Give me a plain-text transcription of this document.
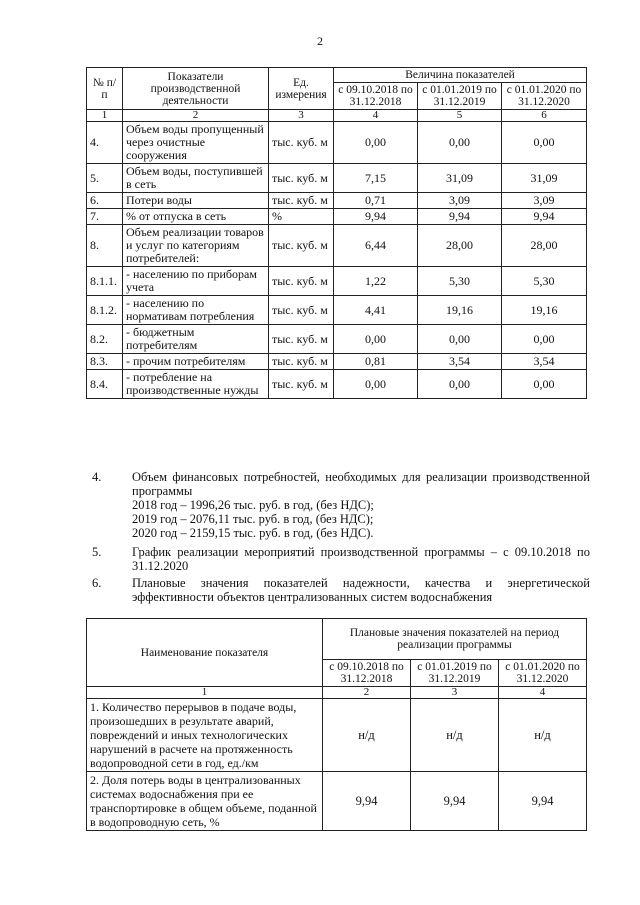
2
№ п/п	Показатели производственной деятельности	Ед. измерения	Величина показателей		
			с 09.10.2018 по 31.12.2018	с 01.01.2019 по 31.12.2019	с 01.01.2020 по 31.12.2020
1	2	3	4	5	6
4.	Объем воды пропущенный через очистные сооружения	тыс. куб. м	0,00	0,00	0,00
5.	Объем воды, поступившей в сеть	тыс. куб. м	7,15	31,09	31,09
6.	Потери воды	тыс. куб. м	0,71	3,09	3,09
7.	% от отпуска в сеть	%	9,94	9,94	9,94
8.	Объем реализации товаров и услуг по категориям потребителей:	тыс. куб. м	6,44	28,00	28,00
8.1.1.	- населению по приборам учета	тыс. куб. м	1,22	5,30	5,30
8.1.2.	- населению по нормативам потребления	тыс. куб. м	4,41	19,16	19,16
8.2.	- бюджетным потребителям	тыс. куб. м	0,00	0,00	0,00
8.3.	- прочим потребителям	тыс. куб. м	0,81	3,54	3,54
8.4.	- потребление на производственные нужды	тыс. куб. м	0,00	0,00	0,00
4. Объем финансовых потребностей, необходимых для реализации производственной программы
2018 год – 1996,26 тыс. руб. в год, (без НДС);
2019 год – 2076,11 тыс. руб. в год, (без НДС);
2020 год – 2159,15 тыс. руб. в год, (без НДС).
5. График реализации мероприятий производственной программы – с 09.10.2018 по 31.12.2020
6. Плановые значения показателей надежности, качества и энергетической эффективности объектов централизованных систем водоснабжения
Наименование показателя	Плановые значения показателей на период реализации программы		
	с 09.10.2018 по 31.12.2018	с 01.01.2019 по 31.12.2019	с 01.01.2020 по 31.12.2020
1	2	3	4
1. Количество перерывов в подаче воды, произошедших в результате аварий, повреждений и иных технологических нарушений в расчете на протяженность водопроводной сети в год, ед./км	н/д	н/д	н/д
2. Доля потерь воды в централизованных системах водоснабжения при ее транспортировке в общем объеме, поданной в водопроводную сеть, %	9,94	9,94	9,94
